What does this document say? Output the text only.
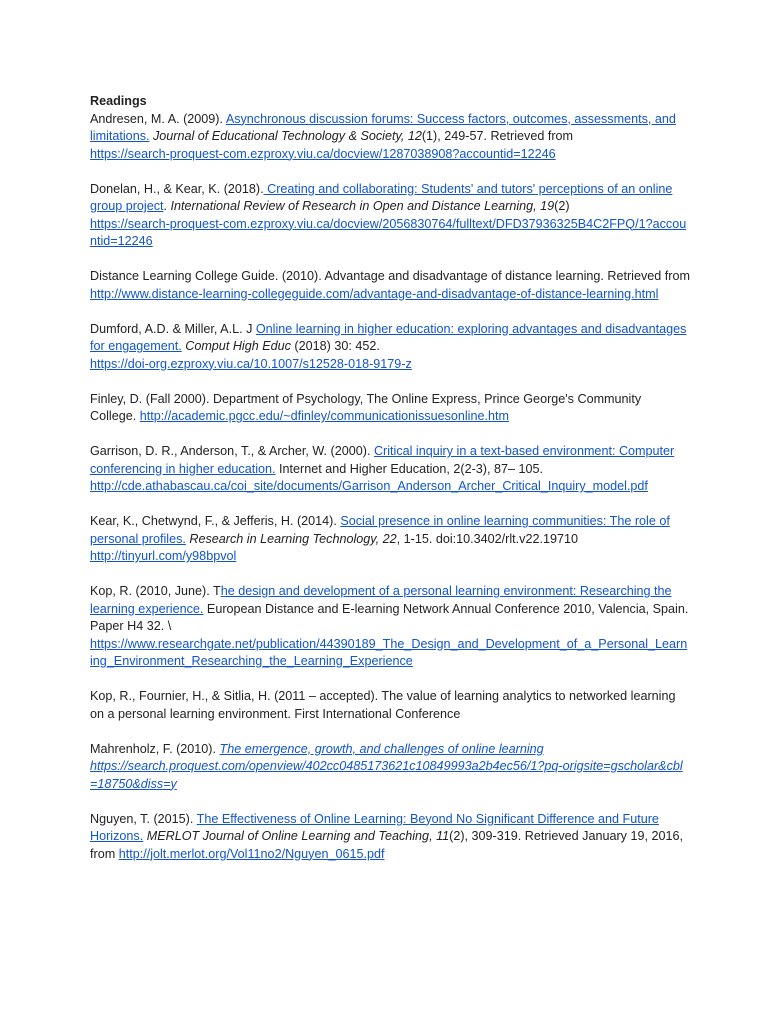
Readings

Andresen, M. A. (2009). Asynchronous discussion forums: Success factors, outcomes, assessments, and limitations. Journal of Educational Technology & Society, 12(1), 249-57. Retrieved from

https://search-proquest-com.ezproxy.viu.ca/docview/1287038908?accountid=12246

Donelan, H., & Kear, K. (2018). Creating and collaborating: Students' and tutors' perceptions of an online group project. International Review of Research in Open and Distance Learning, 19(2)

https://search-proquest-com.ezproxy.viu.ca/docview/2056830764/fulltext/DFD37936325B4C2FPQ/1?accountid=12246

Distance Learning College Guide. (2010). Advantage and disadvantage of distance learning. Retrieved from

http://www.distance-learning-collegeguide.com/advantage-and-disadvantage-of-distance-learning.html

Dumford, A.D. & Miller, A.L. J Online learning in higher education: exploring advantages and disadvantages for engagement. Comput High Educ (2018) 30: 452.

https://doi-org.ezproxy.viu.ca/10.1007/s12528-018-9179-z

Finley, D. (Fall 2000). Department of Psychology, The Online Express, Prince George's Community College. http://academic.pgcc.edu/~dfinley/communicationissuesonline.htm

Garrison, D. R., Anderson, T., & Archer, W. (2000). Critical inquiry in a text-based environment: Computer conferencing in higher education. Internet and Higher Education, 2(2-3), 87– 105.

http://cde.athabascau.ca/coi_site/documents/Garrison_Anderson_Archer_Critical_Inquiry_model.pdf

Kear, K., Chetwynd, F., & Jefferis, H. (2014). Social presence in online learning communities: The role of personal profiles. Research in Learning Technology, 22, 1-15. doi:10.3402/rlt.v22.19710

http://tinyurl.com/y98bpvol

Kop, R. (2010, June). The design and development of a personal learning environment: Researching the learning experience. European Distance and E-learning Network Annual Conference 2010, Valencia, Spain. Paper H4 32. \

https://www.researchgate.net/publication/44390189_The_Design_and_Development_of_a_Personal_Learning_Environment_Researching_the_Learning_Experience

Kop, R., Fournier, H., & Sitlia, H. (2011 – accepted). The value of learning analytics to networked learning on a personal learning environment. First International Conference

Mahrenholz, F. (2010). The emergence, growth, and challenges of online learning

https://search.proquest.com/openview/402cc0485173621c10849993a2b4ec56/1?pq-origsite=gscholar&cbl=18750&diss=y

Nguyen, T. (2015). The Effectiveness of Online Learning: Beyond No Significant Difference and Future Horizons. MERLOT Journal of Online Learning and Teaching, 11(2), 309-319. Retrieved January 19, 2016, from http://jolt.merlot.org/Vol11no2/Nguyen_0615.pdf
